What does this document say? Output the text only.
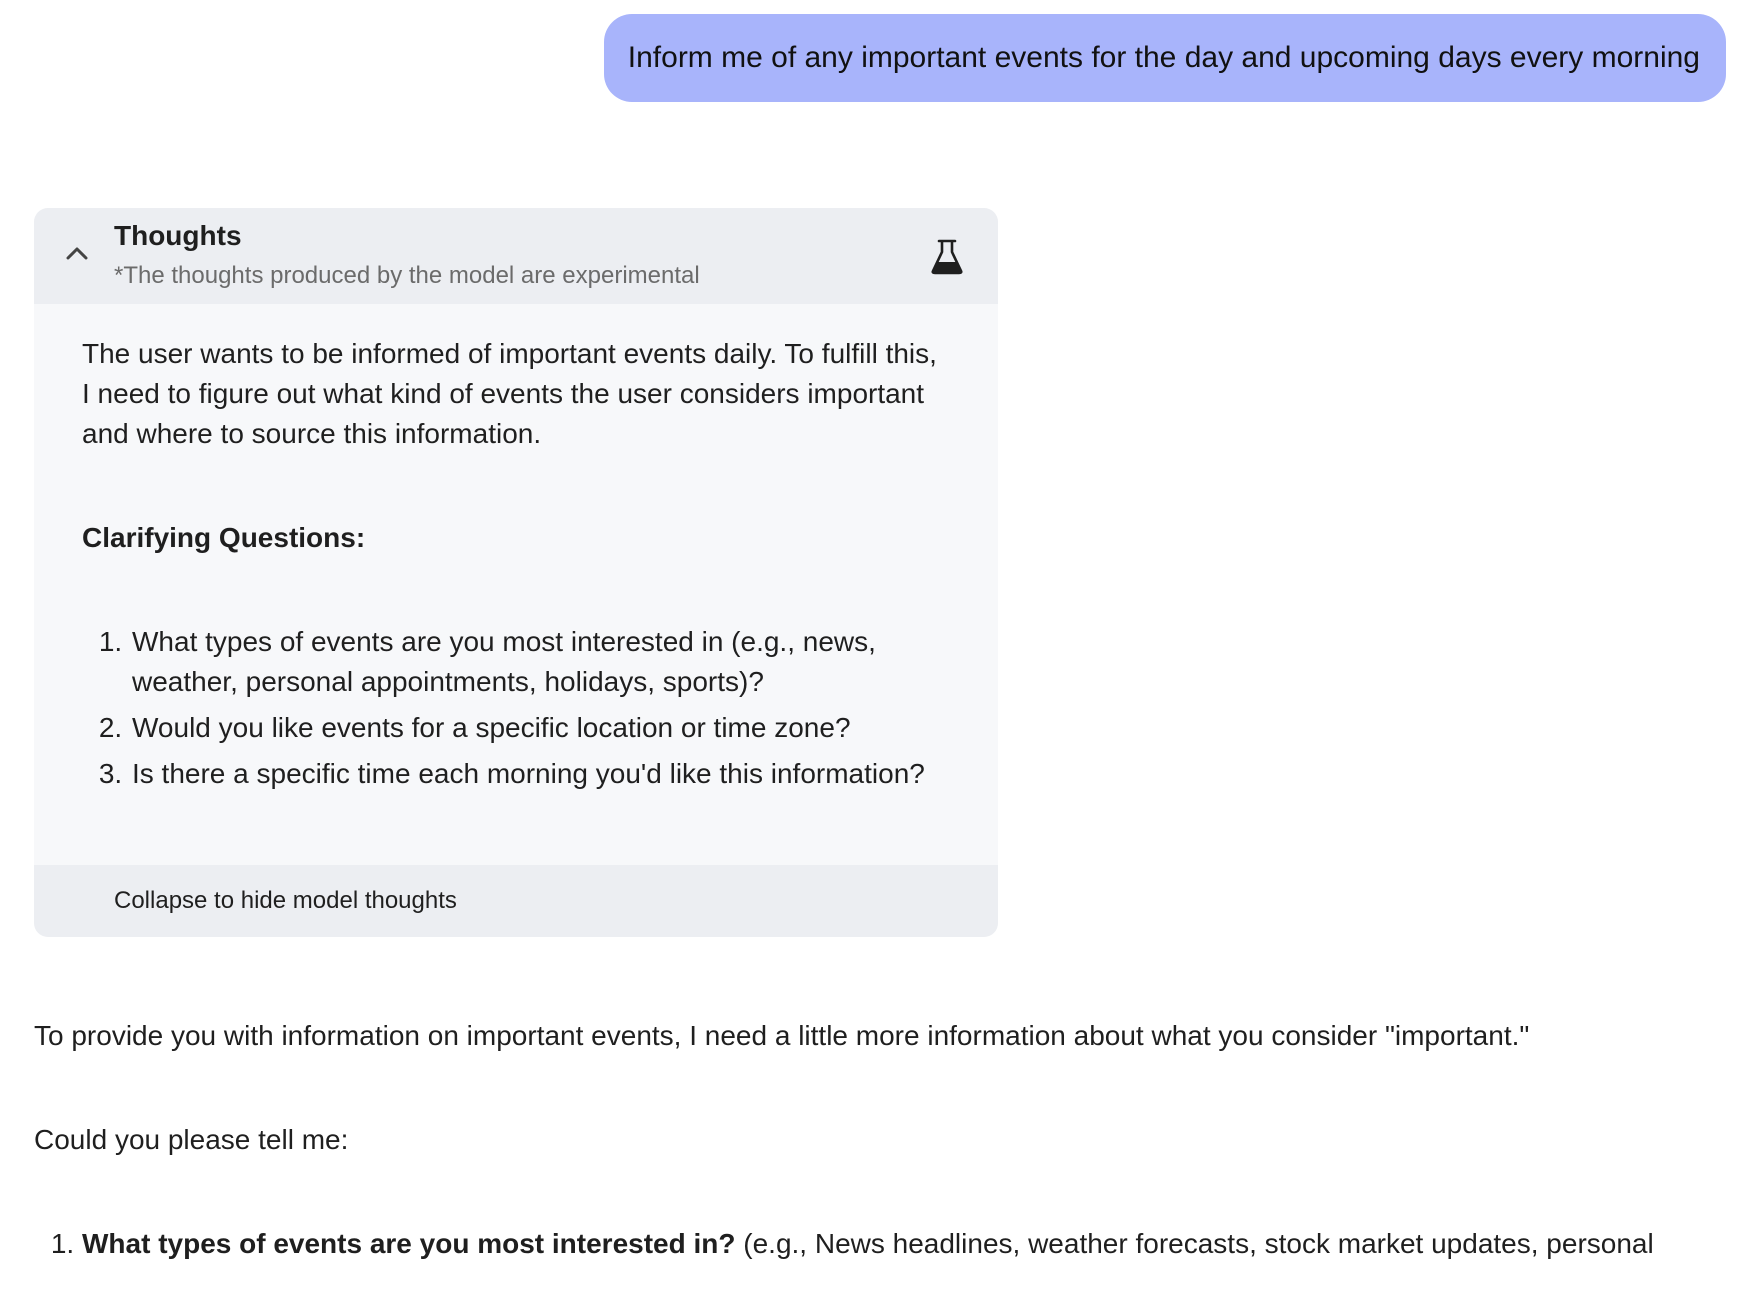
Inform me of any important events for the day and upcoming days every morning
Thoughts
*The thoughts produced by the model are experimental

The user wants to be informed of important events daily. To fulfill this, I need to figure out what kind of events the user considers important and where to source this information.

Clarifying Questions:

1. What types of events are you most interested in (e.g., news, weather, personal appointments, holidays, sports)?
2. Would you like events for a specific location or time zone?
3. Is there a specific time each morning you'd like this information?
Collapse to hide model thoughts

To provide you with information on important events, I need a little more information about what you consider "important."

Could you please tell me:

1. What types of events are you most interested in? (e.g., News headlines, weather forecasts, stock market updates, personal
